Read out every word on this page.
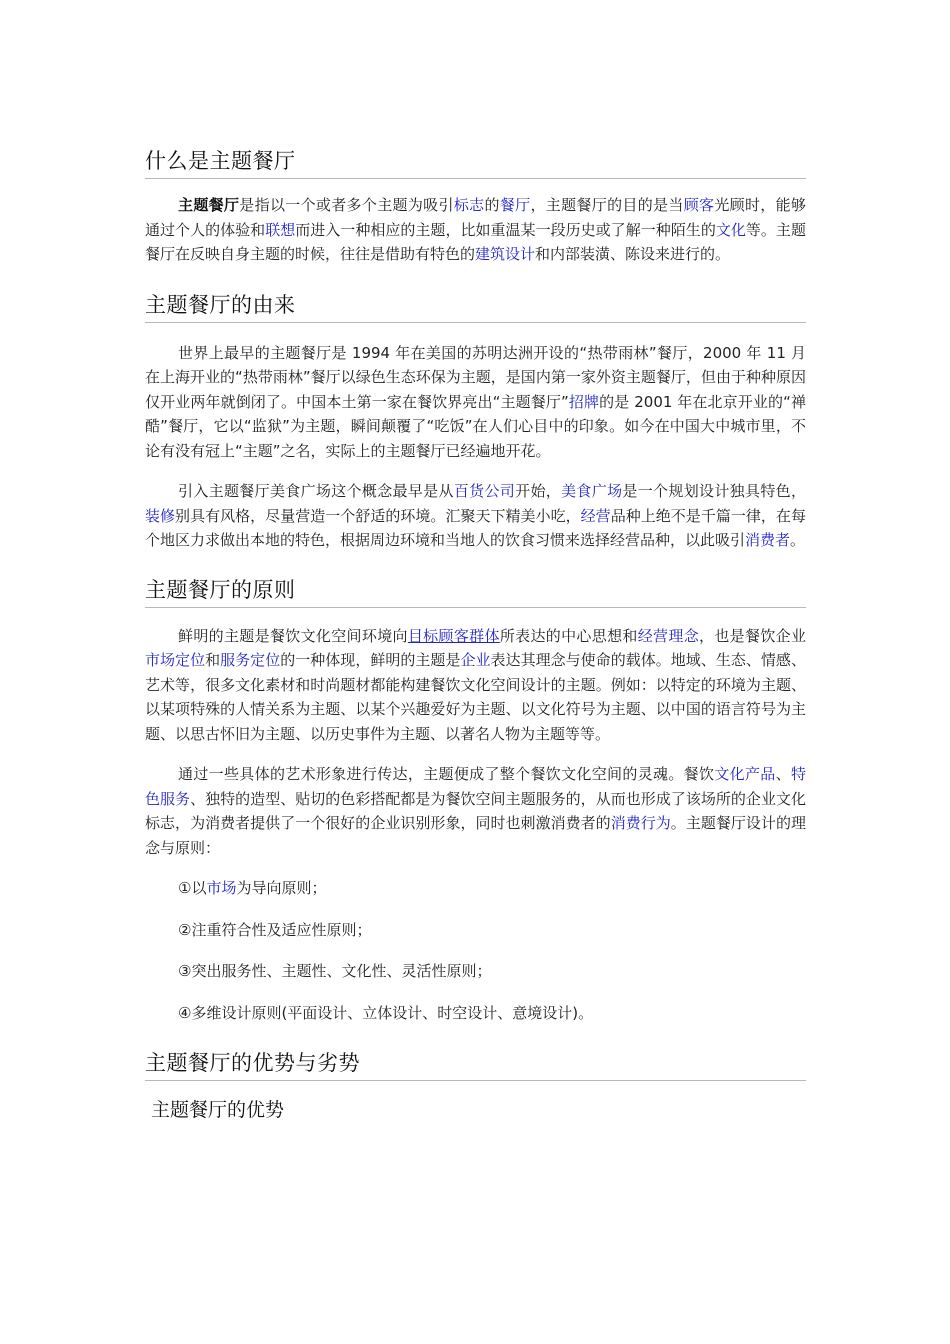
什么是主题餐厅

主题餐厅是指以一个或者多个主题为吸引标志的餐厅，主题餐厅的目的是当顾客光顾时，能够通过个人的体验和联想而进入一种相应的主题，比如重温某一段历史或了解一种陌生的文化等。主题餐厅在反映自身主题的时候，往往是借助有特色的建筑设计和内部装潢、陈设来进行的。

主题餐厅的由来

世界上最早的主题餐厅是 1994 年在美国的苏明达洲开设的“热带雨林”餐厅，2000 年 11 月在上海开业的“热带雨林”餐厅以绿色生态环保为主题，是国内第一家外资主题餐厅，但由于种种原因仅开业两年就倒闭了。中国本土第一家在餐饮界亮出“主题餐厅”招牌的是 2001 年在北京开业的“禅酷”餐厅，它以“监狱”为主题，瞬间颠覆了“吃饭”在人们心目中的印象。如今在中国大中城市里，不论有没有冠上“主题”之名，实际上的主题餐厅已经遍地开花。

引入主题餐厅美食广场这个概念最早是从百货公司开始，美食广场是一个规划设计独具特色，装修别具有风格，尽量营造一个舒适的环境。汇聚天下精美小吃，经营品种上绝不是千篇一律，在每个地区力求做出本地的特色，根据周边环境和当地人的饮食习惯来选择经营品种，以此吸引消费者。

主题餐厅的原则

鲜明的主题是餐饮文化空间环境向目标顾客群体所表达的中心思想和经营理念，也是餐饮企业市场定位和服务定位的一种体现，鲜明的主题是企业表达其理念与使命的载体。地域、生态、情感、艺术等，很多文化素材和时尚题材都能构建餐饮文化空间设计的主题。例如：以特定的环境为主题、以某项特殊的人情关系为主题、以某个兴趣爱好为主题、以文化符号为主题、以中国的语言符号为主题、以思古怀旧为主题、以历史事件为主题、以著名人物为主题等等。

通过一些具体的艺术形象进行传达，主题便成了整个餐饮文化空间的灵魂。餐饮文化产品、特色服务、独特的造型、贴切的色彩搭配都是为餐饮空间主题服务的，从而也形成了该场所的企业文化标志，为消费者提供了一个很好的企业识别形象，同时也刺激消费者的消费行为。主题餐厅设计的理念与原则：

①以市场为导向原则；

②注重符合性及适应性原则；

③突出服务性、主题性、文化性、灵活性原则；

④多维设计原则(平面设计、立体设计、时空设计、意境设计)。

主题餐厅的优势与劣势
主题餐厅的优势
